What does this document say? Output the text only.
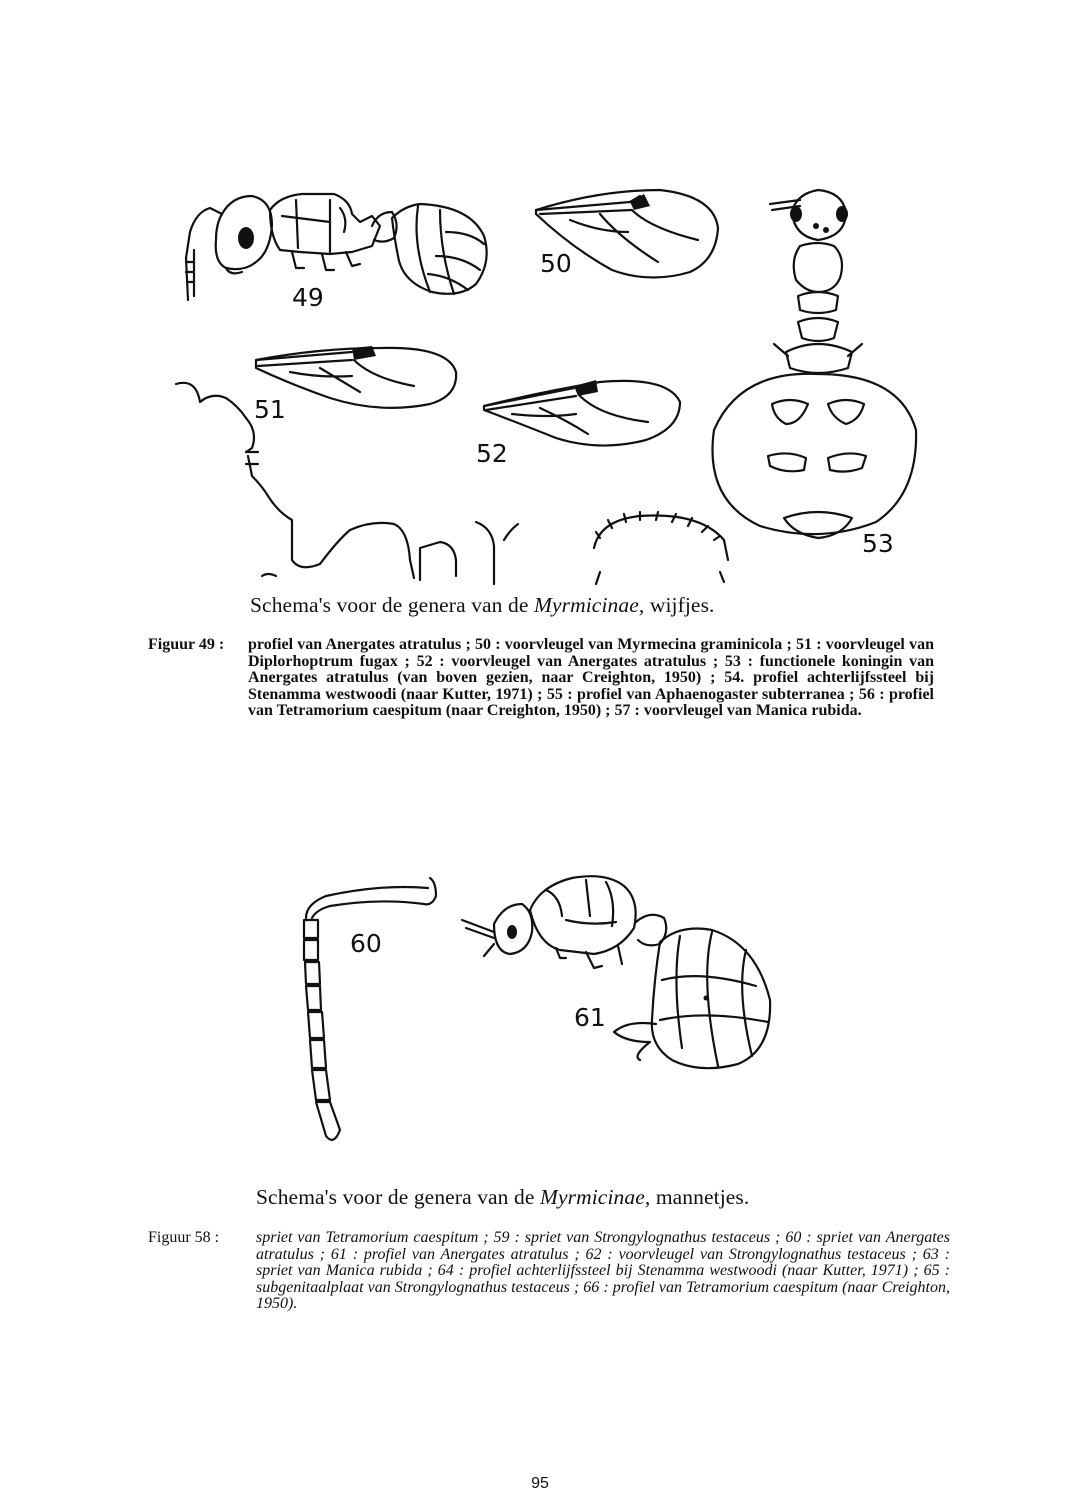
49
50
51
52
53
Schema's voor de genera van de Myrmicinae, wijfjes.
Figuur 49 : profiel van Anergates atratulus ; 50 : voorvleugel van Myrmecina graminicola ; 51 : voorvleugel van Diplorhoptrum fugax ; 52 : voorvleugel van Anergates atratulus ; 53 : functionele koningin van Anergates atratulus (van boven gezien, naar Creighton, 1950) ; 54. profiel achterlijfssteel bij Stenamma westwoodi (naar Kutter, 1971) ; 55 : profiel van Aphaenogaster subterranea ; 56 : profiel van Tetramorium caespitum (naar Creighton, 1950) ; 57 : voorvleugel van Manica rubida.
60
61
Schema's voor de genera van de Myrmicinae, mannetjes.
Figuur 58 : spriet van Tetramorium caespitum ; 59 : spriet van Strongylognathus testaceus ; 60 : spriet van Anergates atratulus ; 61 : profiel van Anergates atratulus ; 62 : voorvleugel van Strongylognathus testaceus ; 63 : spriet van Manica rubida ; 64 : profiel achterlijfssteel bij Stenamma westwoodi (naar Kutter, 1971) ; 65 : subgenitaalplaat van Strongylognathus testaceus ; 66 : profiel van Tetramorium caespitum (naar Creighton, 1950).
95
